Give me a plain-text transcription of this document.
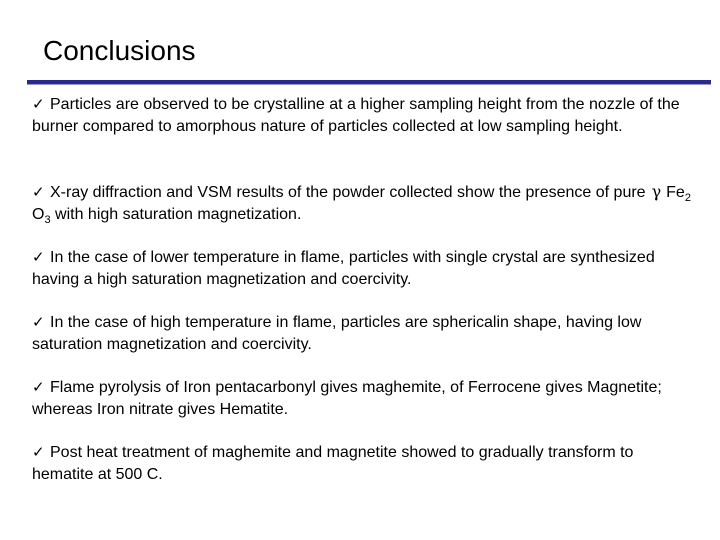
Conclusions
✓ Particles are observed to be crystalline at a higher sampling height from the nozzle of the burner compared to amorphous nature of particles collected at low sampling height.
✓ X-ray diffraction and VSM results of the powder collected show the presence of pure γ $Fe_2$ $O_3$ with high saturation magnetization.
✓ In the case of lower temperature in flame, particles with single crystal are synthesized having a high saturation magnetization and coercivity.
✓ In the case of high temperature in flame, particles are sphericalin shape, having low saturation magnetization and coercivity.
✓ Flame pyrolysis of Iron pentacarbonyl gives maghemite, of Ferrocene gives Magnetite; whereas Iron nitrate gives Hematite.
✓ Post heat treatment of maghemite and magnetite showed to gradually transform to hematite at 500 C.
